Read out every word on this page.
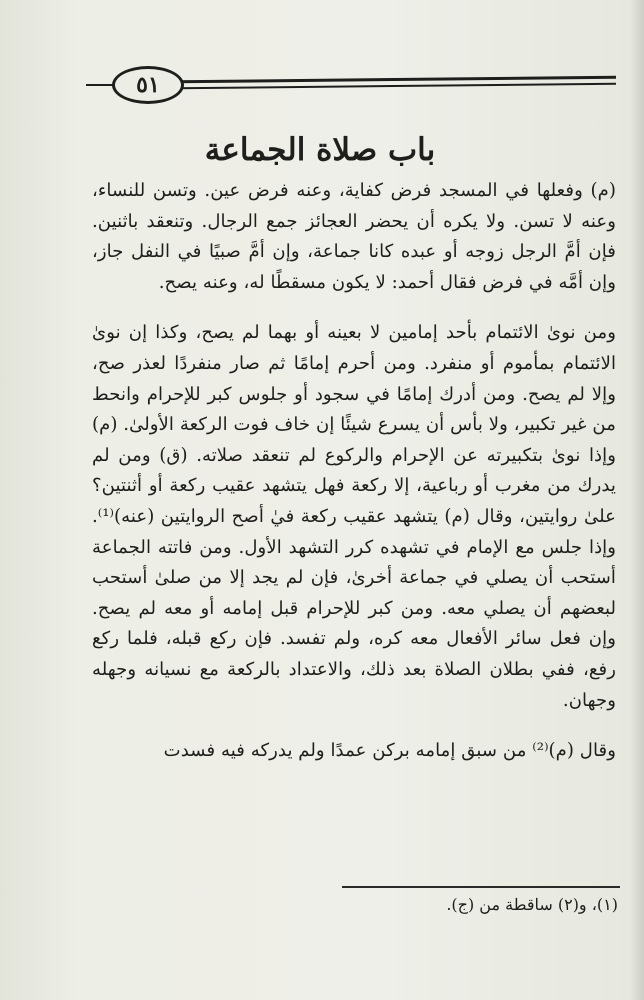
٥١
باب صلاة الجماعة

(م) وفعلها في المسجد فرض كفاية، وعنه فرض عين. وتسن للنساء، وعنه لا تسن. ولا يكره أن يحضر العجائز جمع الرجال. وتنعقد باثنين. فإن أمَّ الرجل زوجه أو عبده كانا جماعة، وإن أمَّ صبيًا في النفل جاز، وإن أمَّه في فرض فقال أحمد: لا يكون مسقطًا له، وعنه يصح.

ومن نوىٰ الائتمام بأحد إمامين لا بعينه أو بهما لم يصح، وكذا إن نوىٰ الائتمام بمأموم أو منفرد. ومن أحرم إمامًا ثم صار منفردًا لعذر صح، وإلا لم يصح. ومن أدرك إمامًا في سجود أو جلوس كبر للإحرام وانحط من غير تكبير، ولا بأس أن يسرع شيئًا إن خاف فوت الركعة الأولىٰ. (م) وإذا نوىٰ بتكبيرته عن الإحرام والركوع لم تنعقد صلاته. (ق) ومن لم يدرك من مغرب أو رباعية، إلا ركعة فهل يتشهد عقيب ركعة أو أثنتين؟ علىٰ روايتين، وقال (م) يتشهد عقيب ركعة فيٰ أصح الروايتين (عنه)⁽¹⁾. وإذا جلس مع الإمام في تشهده كرر التشهد الأول. ومن فاتته الجماعة أستحب أن يصلي في جماعة أخرىٰ، فإن لم يجد إلا من صلىٰ أستحب لبعضهم أن يصلي معه. ومن كبر للإحرام قبل إمامه أو معه لم يصح. وإن فعل سائر الأفعال معه كره، ولم تفسد. فإن ركع قبله، فلما ركع رفع، ففي بطلان الصلاة بعد ذلك، والاعتداد بالركعة مع نسيانه وجهله وجهان.

وقال (م)⁽²⁾ من سبق إمامه بركن عمدًا ولم يدركه فيه فسدت

(١)، و(٢) ساقطة من (ج).
